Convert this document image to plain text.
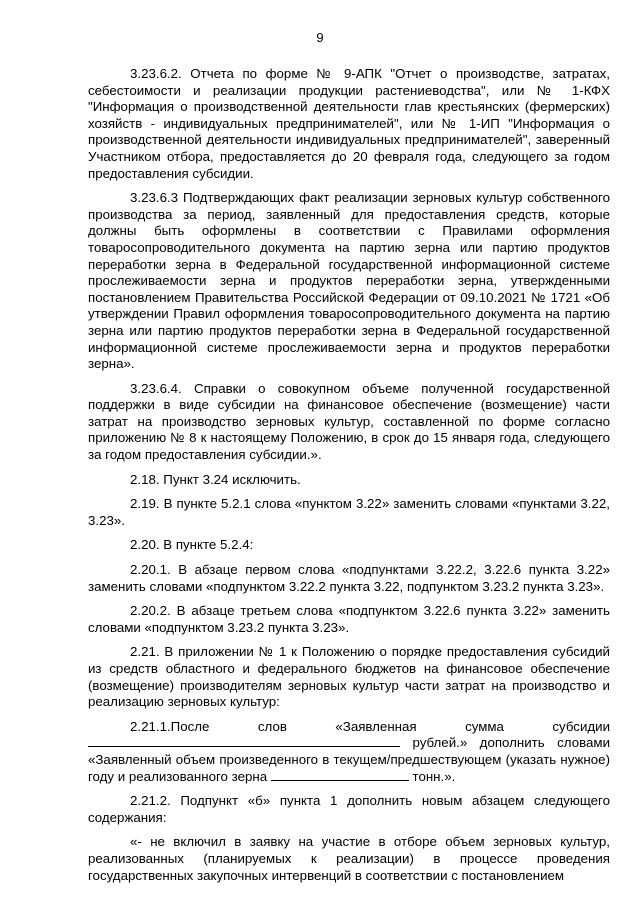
9

3.23.6.2. Отчета по форме № 9-АПК "Отчет о производстве, затратах, себестоимости и реализации продукции растениеводства", или № 1-КФХ "Информация о производственной деятельности глав крестьянских (фермерских) хозяйств - индивидуальных предпринимателей", или № 1-ИП "Информация о производственной деятельности индивидуальных предпринимателей", заверенный Участником отбора, предоставляется до 20 февраля года, следующего за годом предоставления субсидии.

3.23.6.3 Подтверждающих факт реализации зерновых культур собственного производства за период, заявленный для предоставления средств, которые должны быть оформлены в соответствии с Правилами оформления товаросопроводительного документа на партию зерна или партию продуктов переработки зерна в Федеральной государственной информационной системе прослеживаемости зерна и продуктов переработки зерна, утвержденными постановлением Правительства Российской Федерации от 09.10.2021 № 1721 «Об утверждении Правил оформления товаросопроводительного документа на партию зерна или партию продуктов переработки зерна в Федеральной государственной информационной системе прослеживаемости зерна и продуктов переработки зерна».

3.23.6.4. Справки о совокупном объеме полученной государственной поддержки в виде субсидии на финансовое обеспечение (возмещение) части затрат на производство зерновых культур, составленной по форме согласно приложению № 8 к настоящему Положению, в срок до 15 января года, следующего за годом предоставления субсидии.».

2.18. Пункт 3.24 исключить.

2.19. В пункте 5.2.1 слова «пунктом 3.22» заменить словами «пунктами 3.22, 3.23».

2.20. В пункте 5.2.4:

2.20.1. В абзаце первом слова «подпунктами 3.22.2, 3.22.6 пункта 3.22» заменить словами «подпунктом 3.22.2 пункта 3.22, подпунктом 3.23.2 пункта 3.23».

2.20.2. В абзаце третьем слова «подпунктом 3.22.6 пункта 3.22» заменить словами «подпунктом 3.23.2 пункта 3.23».

2.21. В приложении № 1 к Положению о порядке предоставления субсидий из средств областного и федерального бюджетов на финансовое обеспечение (возмещение) производителям зерновых культур части затрат на производство и реализацию зерновых культур:

2.21.1.После слов «Заявленная сумма субсидии  рублей.» дополнить словами «Заявленный объем произведенного в текущем/предшествующем (указать нужное) году и реализованного зерна	тонн.».

2.21.2. Подпункт «б» пункта 1 дополнить новым абзацем следующего содержания:

«- не включил в заявку на участие в отборе объем зерновых культур, реализованных (планируемых к реализации) в процессе проведения государственных закупочных интервенций в соответствии с постановлением
